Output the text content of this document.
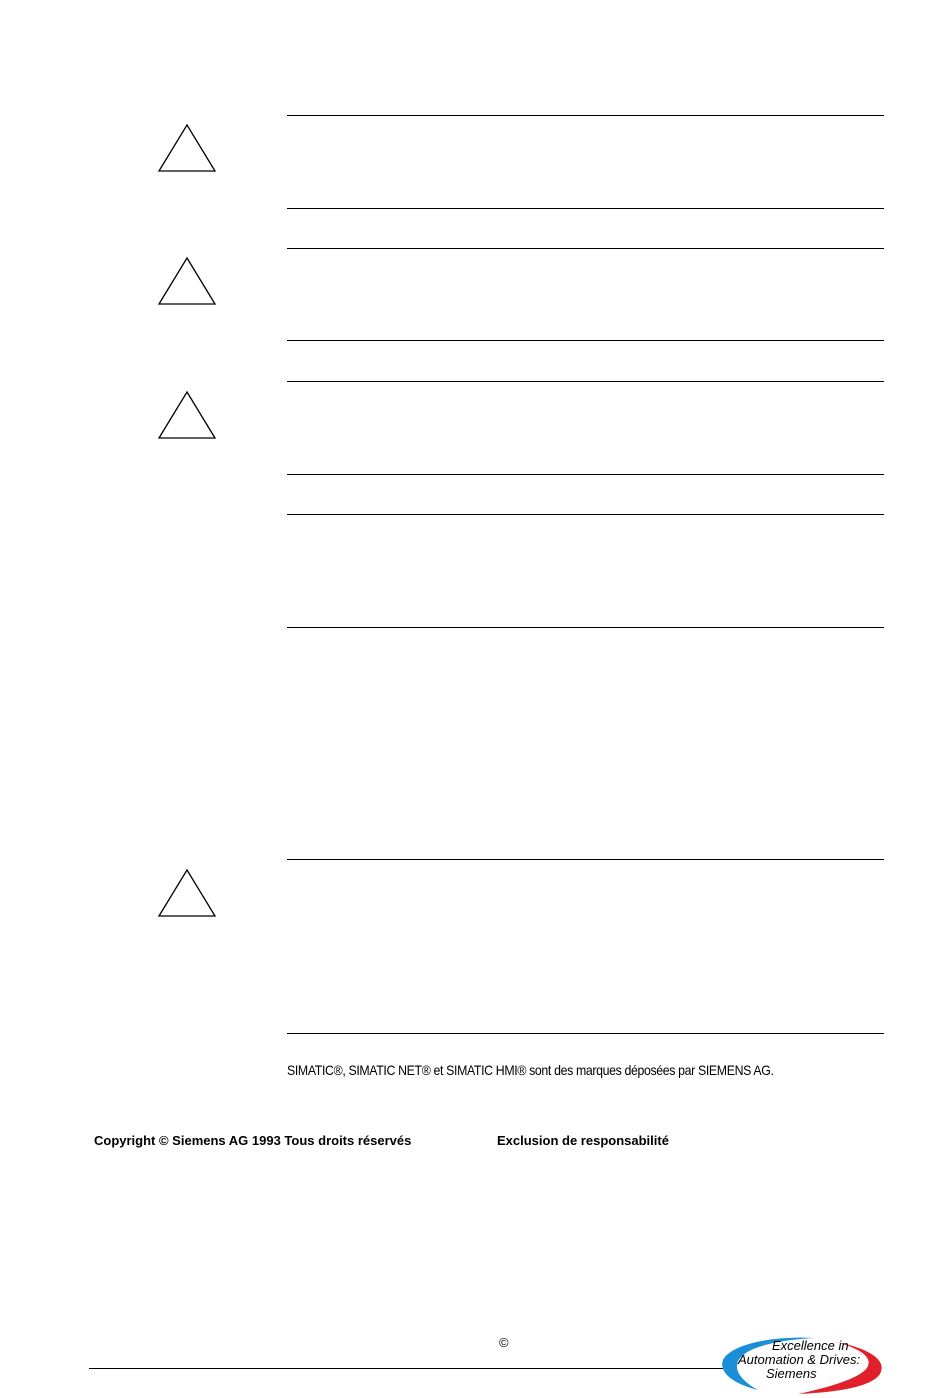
SIMATIC®, SIMATIC NET® et SIMATIC HMI® sont des marques déposées par SIEMENS AG.
Copyright © Siemens AG 1993 Tous droits réservés	Exclusion de responsabilité
©	Excellence in
Automation & Drives:
Siemens
